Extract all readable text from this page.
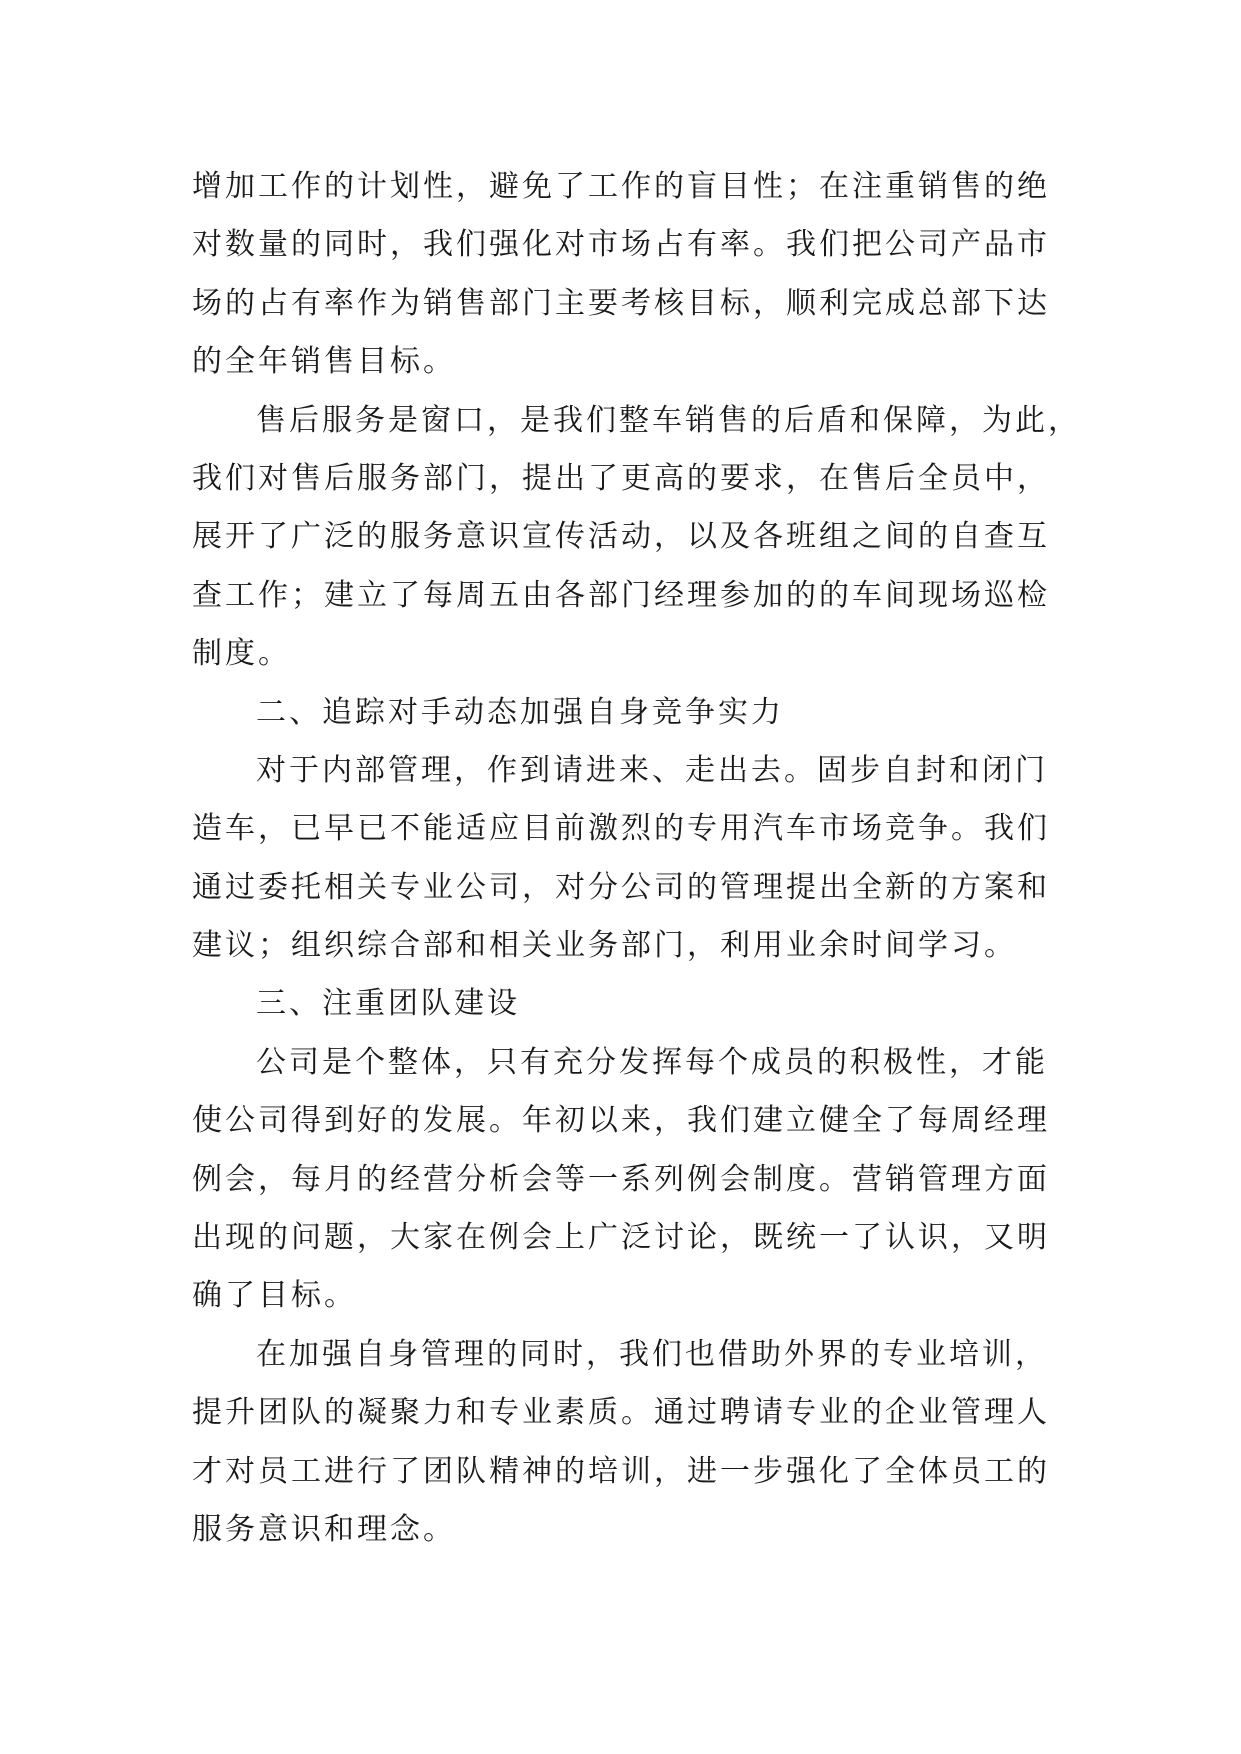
增加工作的计划性，避免了工作的盲目性；在注重销售的绝
对数量的同时，我们强化对市场占有率。我们把公司产品市
场的占有率作为销售部门主要考核目标，顺利完成总部下达
的全年销售目标。
售后服务是窗口，是我们整车销售的后盾和保障，为此，
我们对售后服务部门，提出了更高的要求，在售后全员中，
展开了广泛的服务意识宣传活动，以及各班组之间的自查互
查工作；建立了每周五由各部门经理参加的的车间现场巡检
制度。
二、追踪对手动态加强自身竞争实力
对于内部管理，作到请进来、走出去。固步自封和闭门
造车，已早已不能适应目前激烈的专用汽车市场竞争。我们
通过委托相关专业公司，对分公司的管理提出全新的方案和
建议；组织综合部和相关业务部门，利用业余时间学习。
三、注重团队建设
公司是个整体，只有充分发挥每个成员的积极性，才能
使公司得到好的发展。年初以来，我们建立健全了每周经理
例会，每月的经营分析会等一系列例会制度。营销管理方面
出现的问题，大家在例会上广泛讨论，既统一了认识，又明
确了目标。
在加强自身管理的同时，我们也借助外界的专业培训，
提升团队的凝聚力和专业素质。通过聘请专业的企业管理人
才对员工进行了团队精神的培训，进一步强化了全体员工的
服务意识和理念。
